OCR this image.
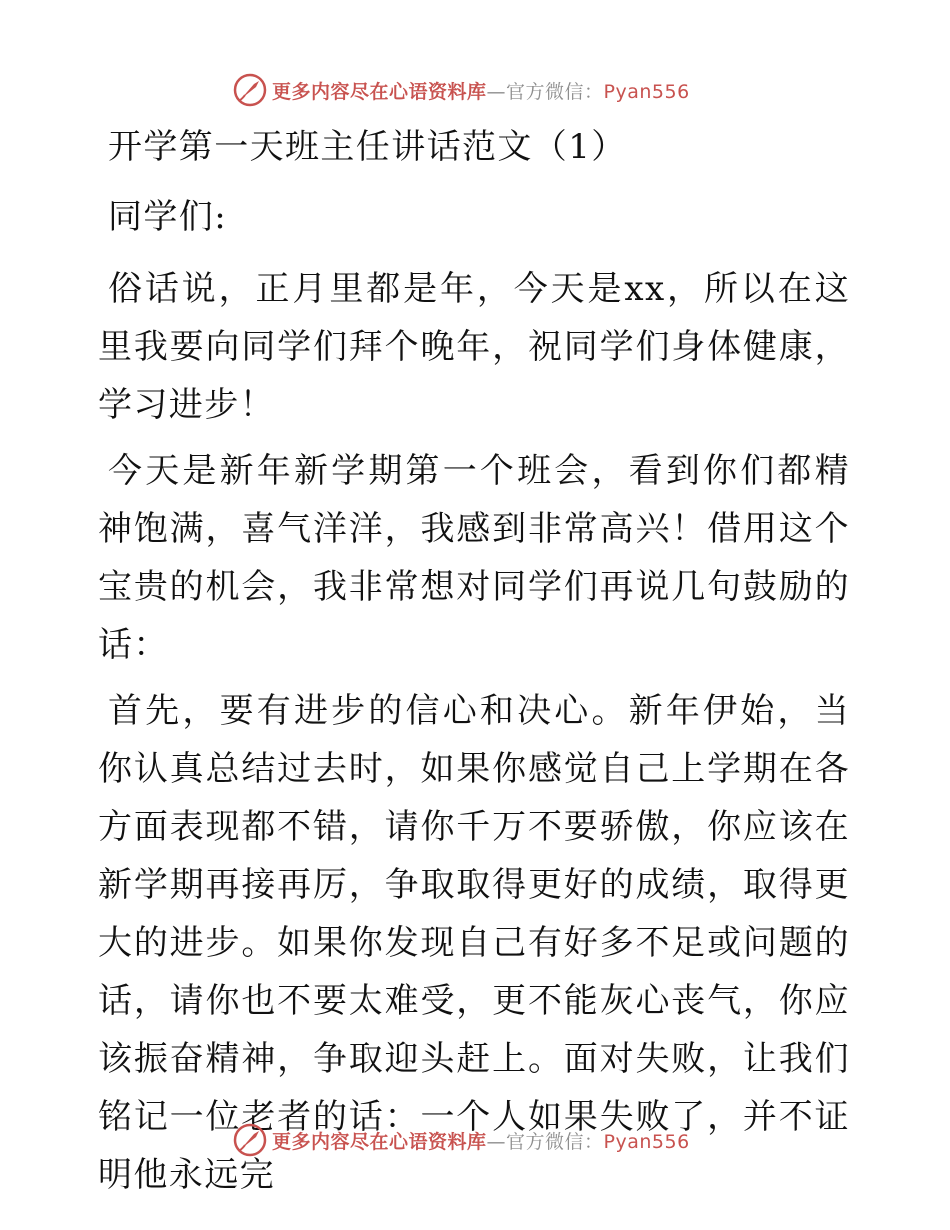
更多内容尽在心语资料库—官方微信：Pyan556

开学第一天班主任讲话范文（1）

同学们:

俗话说，正月里都是年，今天是xx，所以在这里我要向同学们拜个晚年，祝同学们身体健康，学习进步！

今天是新年新学期第一个班会，看到你们都精神饱满，喜气洋洋，我感到非常高兴！借用这个宝贵的机会，我非常想对同学们再说几句鼓励的话：

首先，要有进步的信心和决心。新年伊始，当你认真总结过去时，如果你感觉自己上学期在各方面表现都不错，请你千万不要骄傲，你应该在新学期再接再厉，争取取得更好的成绩，取得更大的进步。如果你发现自己有好多不足或问题的话，请你也不要太难受，更不能灰心丧气，你应该振奋精神，争取迎头赶上。面对失败，让我们铭记一位老者的话：一个人如果失败了，并不证明他永远完

更多内容尽在心语资料库—官方微信：Pyan556
